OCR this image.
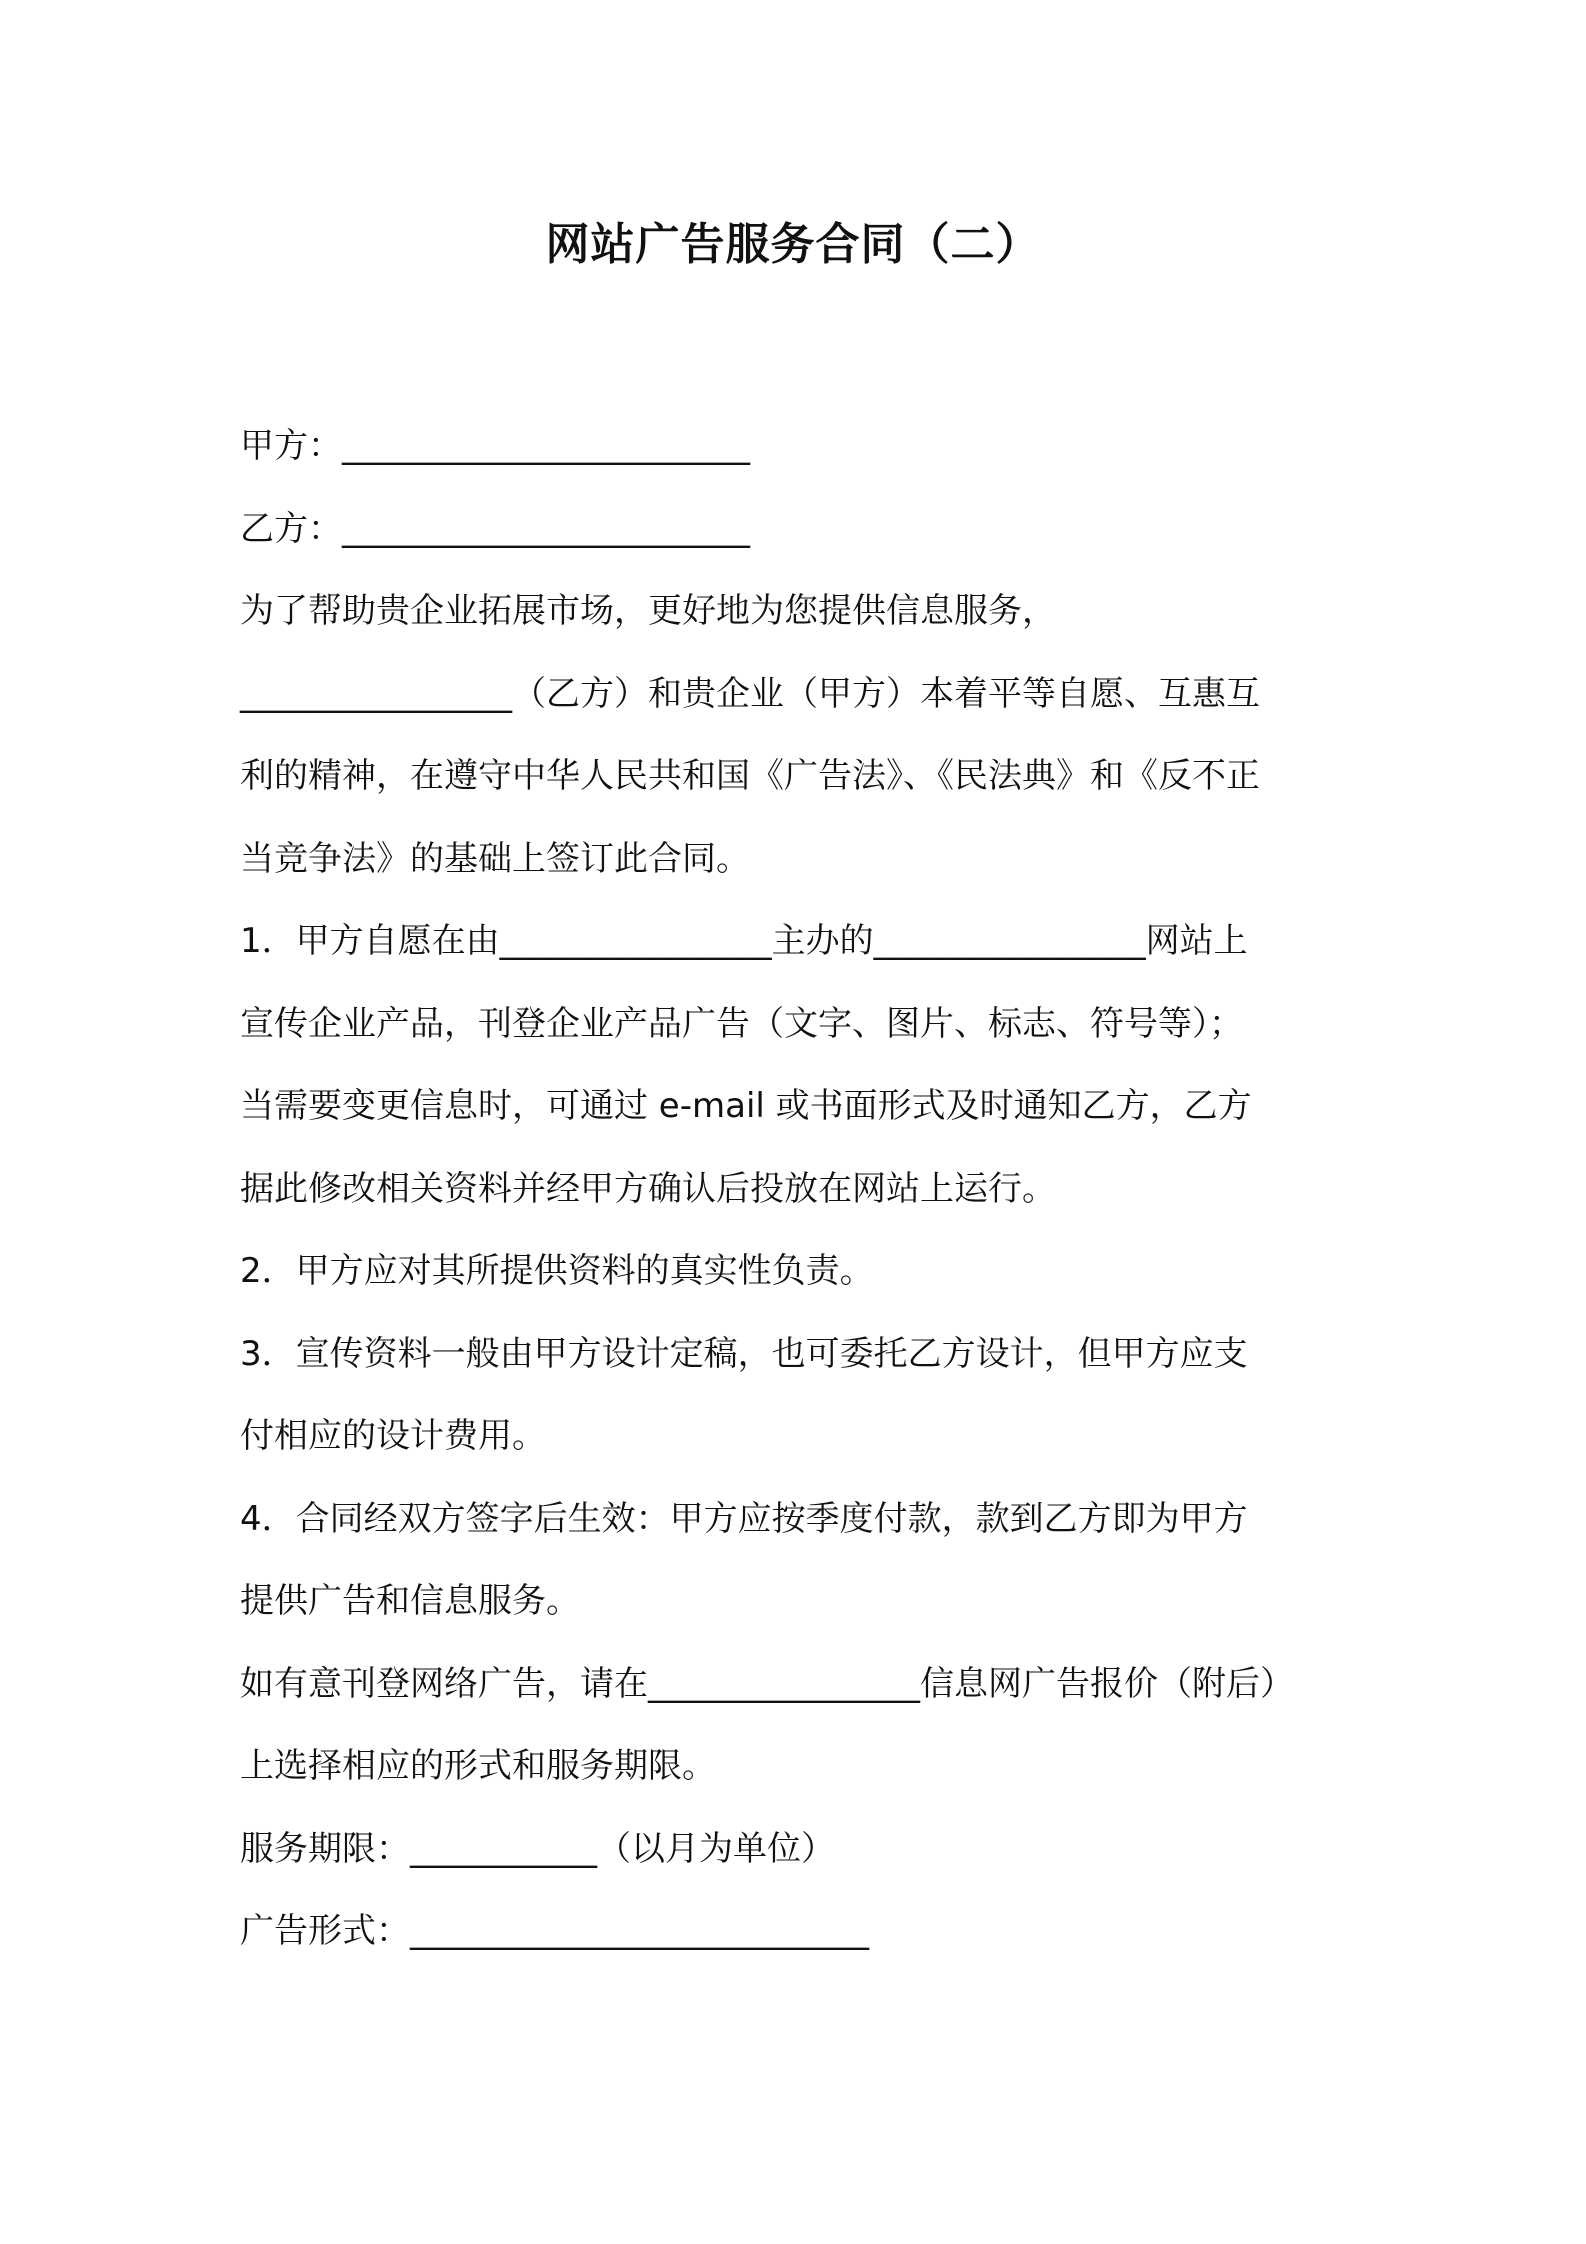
网站广告服务合同（二）
甲方：________________________
乙方：________________________
为了帮助贵企业拓展市场，更好地为您提供信息服务，
________________（乙方）和贵企业（甲方）本着平等自愿、互惠互
利的精神，在遵守中华人民共和国《广告法》、《民法典》和《反不正
当竞争法》的基础上签订此合同。
1．甲方自愿在由________________主办的________________网站上
宣传企业产品，刊登企业产品广告（文字、图片、标志、符号等）；
当需要变更信息时，可通过 e-mail 或书面形式及时通知乙方，乙方
据此修改相关资料并经甲方确认后投放在网站上运行。
2．甲方应对其所提供资料的真实性负责。
3．宣传资料一般由甲方设计定稿，也可委托乙方设计，但甲方应支
付相应的设计费用。
4．合同经双方签字后生效：甲方应按季度付款，款到乙方即为甲方
提供广告和信息服务。
如有意刊登网络广告，请在________________信息网广告报价（附后）
上选择相应的形式和服务期限。
服务期限：___________（以月为单位）
广告形式：___________________________
